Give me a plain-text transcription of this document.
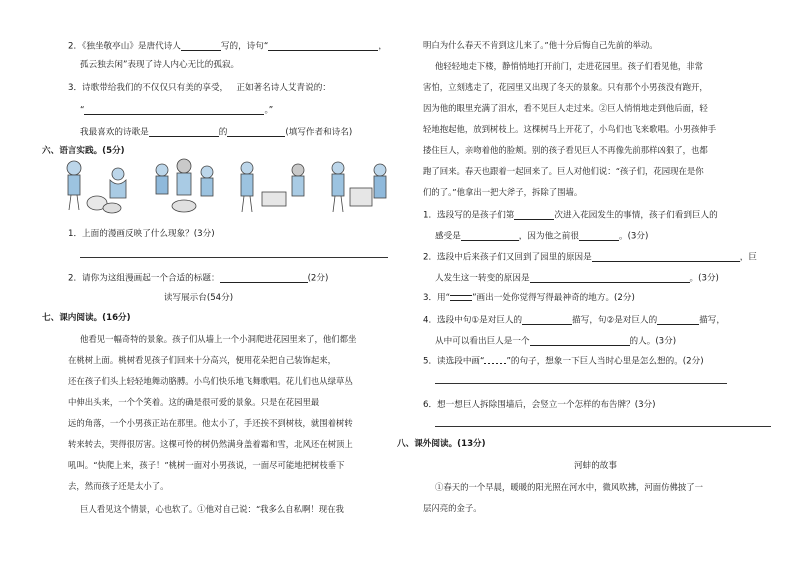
2．《独坐敬亭山》是唐代诗人	写的，诗句“	，
孤云独去闲”表现了诗人内心无比的孤寂。
3．诗歌带给我们的不仅仅只有美的享受， 正如著名诗人艾青说的：
“	。”
我最喜欢的诗歌是	的	(填写作者和诗名)
六、语言实践。(5分)
1．上面的漫画反映了什么现象？(3分)
2．请你为这组漫画起一个合适的标题：	(2分)
读写展示台(54分)
七、课内阅读。(16分)
他看见一幅奇特的景象。孩子们从墙上一个小洞爬进花园里来了，他们都坐
在桃树上面。桃树看见孩子们回来十分高兴，便用花朵把自己装饰起来，
还在孩子们头上轻轻地舞动胳膊。小鸟们快乐地飞舞歌唱。花儿们也从绿草丛
中伸出头来，一个个笑着。这的确是很可爱的景象。只是在花园里最
远的角落，一个小男孩正站在那里。他太小了，手还挨不到树枝，就围着树转
转来转去，哭得很厉害。这棵可怜的树仍然满身盖着霜和雪，北风还在树顶上
吼叫。“快爬上来，孩子！”桃树一面对小男孩说，一面尽可能地把树枝垂下
去，然而孩子还是太小了。
巨人看见这个情景，心也软了。①他对自己说：“我多么自私啊！现在我
明白为什么春天不肯到这儿来了。”他十分后悔自己先前的举动。
他轻轻地走下楼，静悄悄地打开前门，走进花园里。孩子们看见他，非常
害怕，立刻逃走了，花园里又出现了冬天的景象。只有那个小男孩没有跑开，
因为他的眼里充满了泪水，看不见巨人走过来。②巨人悄悄地走到他后面，轻
轻地抱起他，放到树枝上。这棵树马上开花了，小鸟们也飞来歌唱。小男孩伸手
搂住巨人，亲吻着他的脸颊。别的孩子看见巨人不再像先前那样凶狠了，也都
跑了回来。春天也跟着一起回来了。巨人对他们说：“孩子们，花园现在是你
们的了。”他拿出一把大斧子，拆除了围墙。
1．选段写的是孩子们第	次进入花园发生的事情，孩子们看到巨人的
感受是	，因为他之前很	。(3分)
2．选段中后来孩子们又回到了园里的原因是	，巨
人发生这一转变的原因是	。(3分)
3．用“	”画出一处你觉得写得最神奇的地方。(2分)
4．选段中句①是对巨人的	描写，句②是对巨人的	描写，
从中可以看出巨人是一个	的人。(3分)
5．读选段中画“	”的句子，想象一下巨人当时心里是怎么想的。(2分)
6．想一想巨人拆除围墙后，会竖立一个怎样的布告牌？(3分)
八、课外阅读。(13分)
河蚌的故事
①春天的一个早晨，暖暖的阳光照在河水中，微风吹拂，河面仿佛披了一
层闪亮的金子。
